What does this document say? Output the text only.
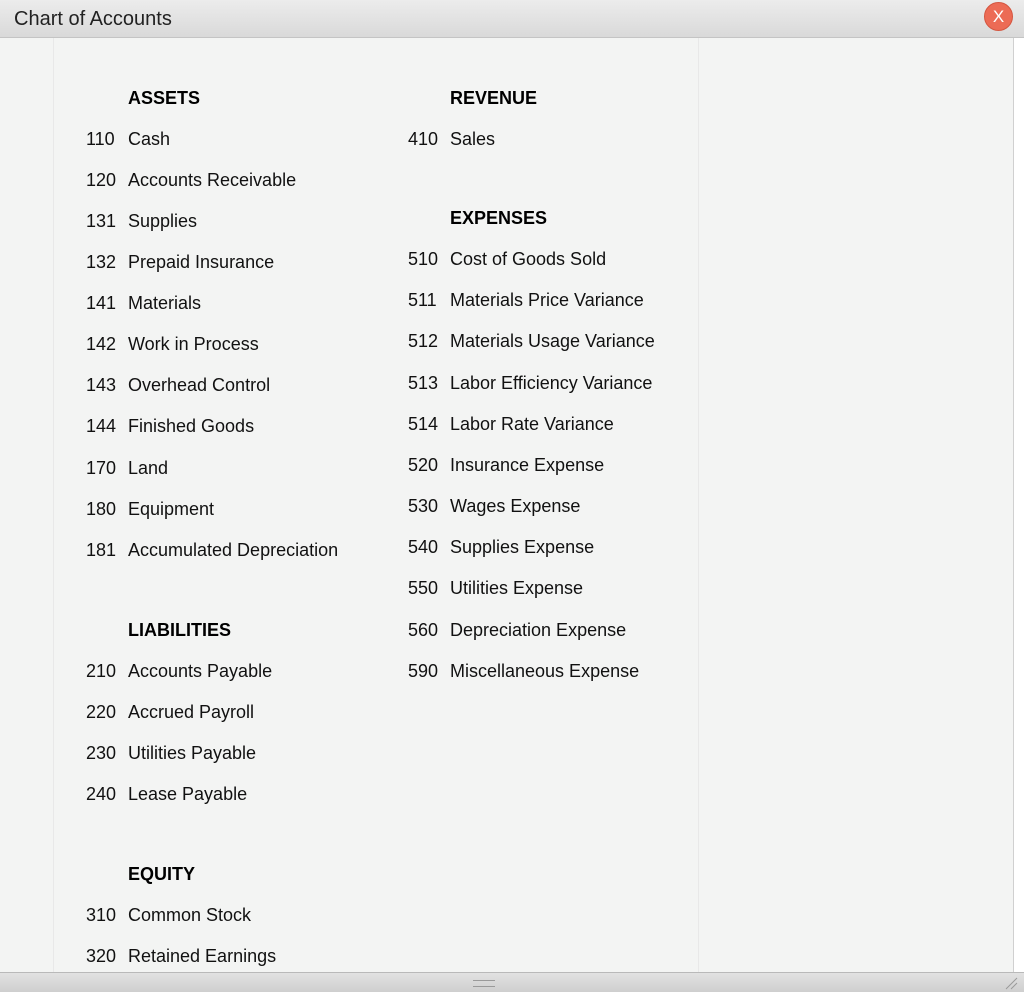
Chart of Accounts	X
ASSETS
110 Cash
120 Accounts Receivable
131 Supplies
132 Prepaid Insurance
141 Materials
142 Work in Process
143 Overhead Control
144 Finished Goods
170 Land
180 Equipment
181 Accumulated Depreciation
LIABILITIES
210 Accounts Payable
220 Accrued Payroll
230 Utilities Payable
240 Lease Payable
EQUITY
310 Common Stock
320 Retained Earnings
REVENUE
410 Sales
EXPENSES
510 Cost of Goods Sold
511 Materials Price Variance
512 Materials Usage Variance
513 Labor Efficiency Variance
514 Labor Rate Variance
520 Insurance Expense
530 Wages Expense
540 Supplies Expense
550 Utilities Expense
560 Depreciation Expense
590 Miscellaneous Expense
